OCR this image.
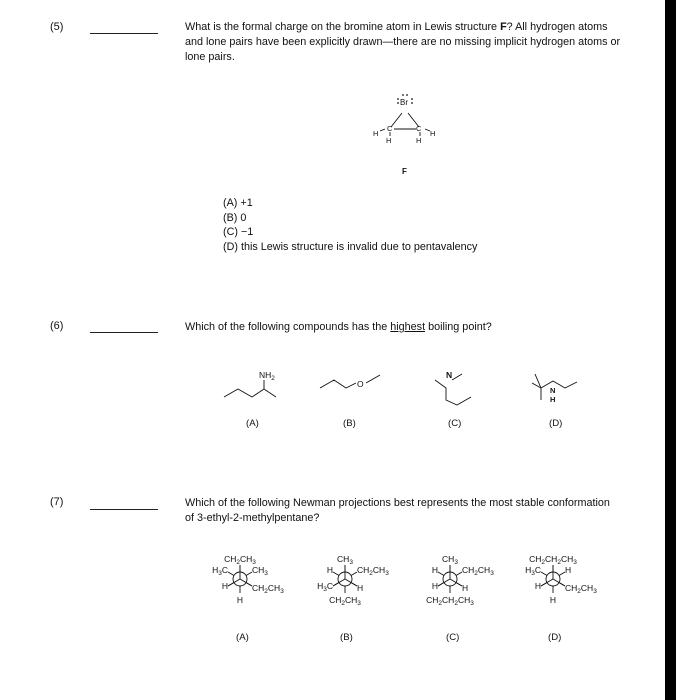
(5)	What is the formal charge on the bromine atom in Lewis structure F? All hydrogen atoms and lone pairs have been explicitly drawn—there are no missing implicit hydrogen atoms or lone pairs.
Br
C	C
H	H
H	H
F
(A) +1
(B) 0
(C) −1
(D) this Lewis structure is invalid due to pentavalency
(6)	Which of the following compounds has the highest boiling point?
$NH_2$
O
N
N
H
(A)	(B)	(C)	(D)
(7)	Which of the following Newman projections best represents the most stable conformation of 3-ethyl-2-methylpentane?
$CH_2CH_3$
$H_3C$	$CH_3$
H	$CH_2CH_3$
H
$CH_3$
H	$CH_2CH_3$
$H_3C$	H
$CH_2CH_3$
$CH_3$
H	$CH_2CH_3$
H	H
$CH_2CH_2CH_3$
$CH_2CH_2CH_3$
$H_3C$	H
H	$CH_2CH_3$
H
(A)	(B)	(C)	(D)
